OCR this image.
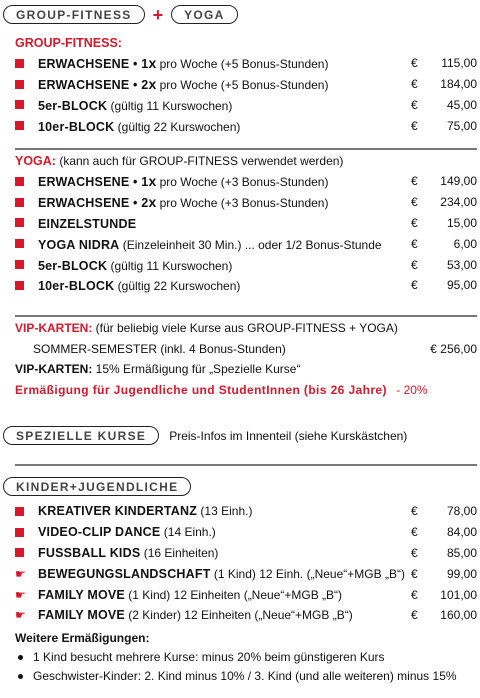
GROUP-FITNESS	+	YOGA
GROUP-FITNESS:
ERWACHSENE • 1x pro Woche (+5 Bonus-Stunden)	€	115,00
ERWACHSENE • 2x pro Woche (+5 Bonus-Stunden)	€	184,00
5er-BLOCK (gültig 11 Kurswochen)	€	45,00
10er-BLOCK (gültig 22 Kurswochen)	€	75,00
YOGA: (kann auch für GROUP-FITNESS verwendet werden)
ERWACHSENE • 1x pro Woche (+3 Bonus-Stunden)	€	149,00
ERWACHSENE • 2x pro Woche (+3 Bonus-Stunden)	€	234,00
EINZELSTUNDE	€	15,00
YOGA NIDRA (Einzeleinheit 30 Min.) ... oder 1/2 Bonus-Stunde	€	6,00
5er-BLOCK (gültig 11 Kurswochen)	€	53,00
10er-BLOCK (gültig 22 Kurswochen)	€	95,00
VIP-KARTEN: (für beliebig viele Kurse aus GROUP-FITNESS + YOGA)
SOMMER-SEMESTER (inkl. 4 Bonus-Stunden)	€ 256,00
VIP-KARTEN: 15% Ermäßigung für „Spezielle Kurse“
Ermäßigung für Jugendliche und StudentInnen (bis 26 Jahre) - 20%
SPEZIELLE KURSE	Preis-Infos im Innenteil (siehe Kurskästchen)
KINDER+JUGENDLICHE
KREATIVER KINDERTANZ (13 Einh.)	€	78,00
VIDEO-CLIP DANCE (14 Einh.)	€	84,00
FUSSBALL KIDS (16 Einheiten)	€	85,00
☛ BEWEGUNGSLANDSCHAFT (1 Kind) 12 Einh. („Neue“+MGB „B“) €	99,00
☛ FAMILY MOVE (1 Kind) 12 Einheiten („Neue“+MGB „B“)	€	101,00
☛ FAMILY MOVE (2 Kinder) 12 Einheiten („Neue“+MGB „B“)	€	160,00
Weitere Ermäßigungen:
1 Kind besucht mehrere Kurse: minus 20% beim günstigeren Kurs
Geschwister-Kinder: 2. Kind minus 10% / 3. Kind (und alle weiteren) minus 15%
